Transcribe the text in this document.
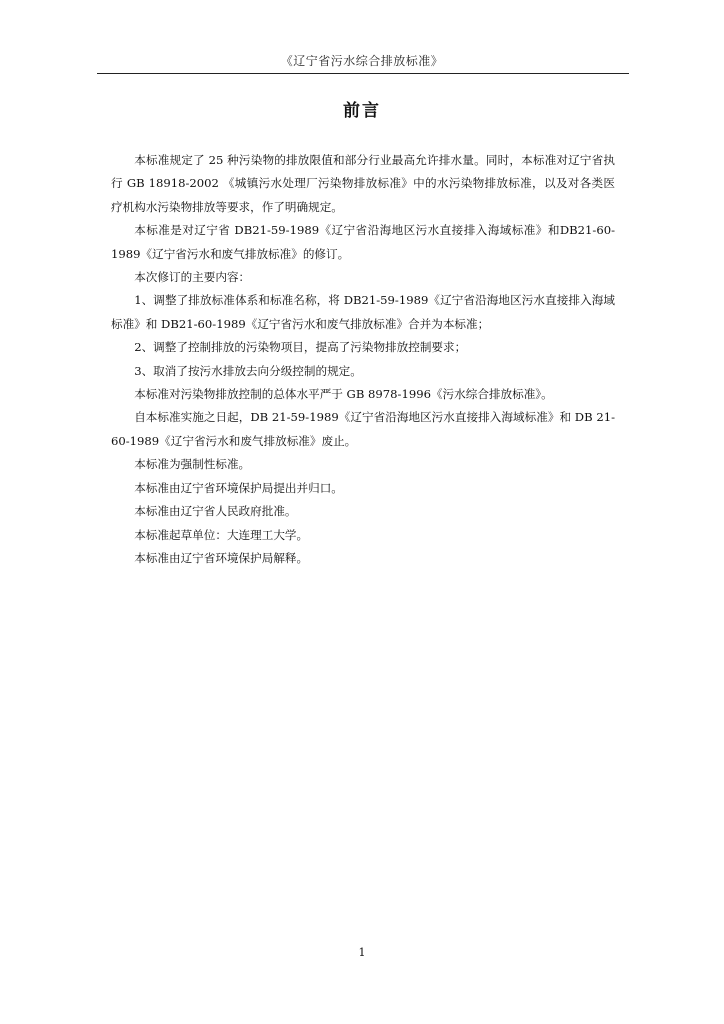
《辽宁省污水综合排放标准》
前言

本标准规定了 25 种污染物的排放限值和部分行业最高允许排水量。同时，本标准对辽宁省执行 GB 18918-2002 《城镇污水处理厂污染物排放标准》中的水污染物排放标准，以及对各类医疗机构水污染物排放等要求，作了明确规定。

本标准是对辽宁省 DB21-59-1989《辽宁省沿海地区污水直接排入海域标准》和DB21-60-1989《辽宁省污水和废气排放标准》的修订。

本次修订的主要内容：

1、调整了排放标准体系和标准名称，将 DB21-59-1989《辽宁省沿海地区污水直接排入海域标准》和 DB21-60-1989《辽宁省污水和废气排放标准》合并为本标准；

2、调整了控制排放的污染物项目，提高了污染物排放控制要求；

3、取消了按污水排放去向分级控制的规定。

本标准对污染物排放控制的总体水平严于 GB 8978-1996《污水综合排放标准》。

自本标准实施之日起，DB 21-59-1989《辽宁省沿海地区污水直接排入海域标准》和 DB 21-60-1989《辽宁省污水和废气排放标准》废止。

本标准为强制性标准。

本标准由辽宁省环境保护局提出并归口。

本标准由辽宁省人民政府批准。

本标准起草单位：大连理工大学。

本标准由辽宁省环境保护局解释。

1
